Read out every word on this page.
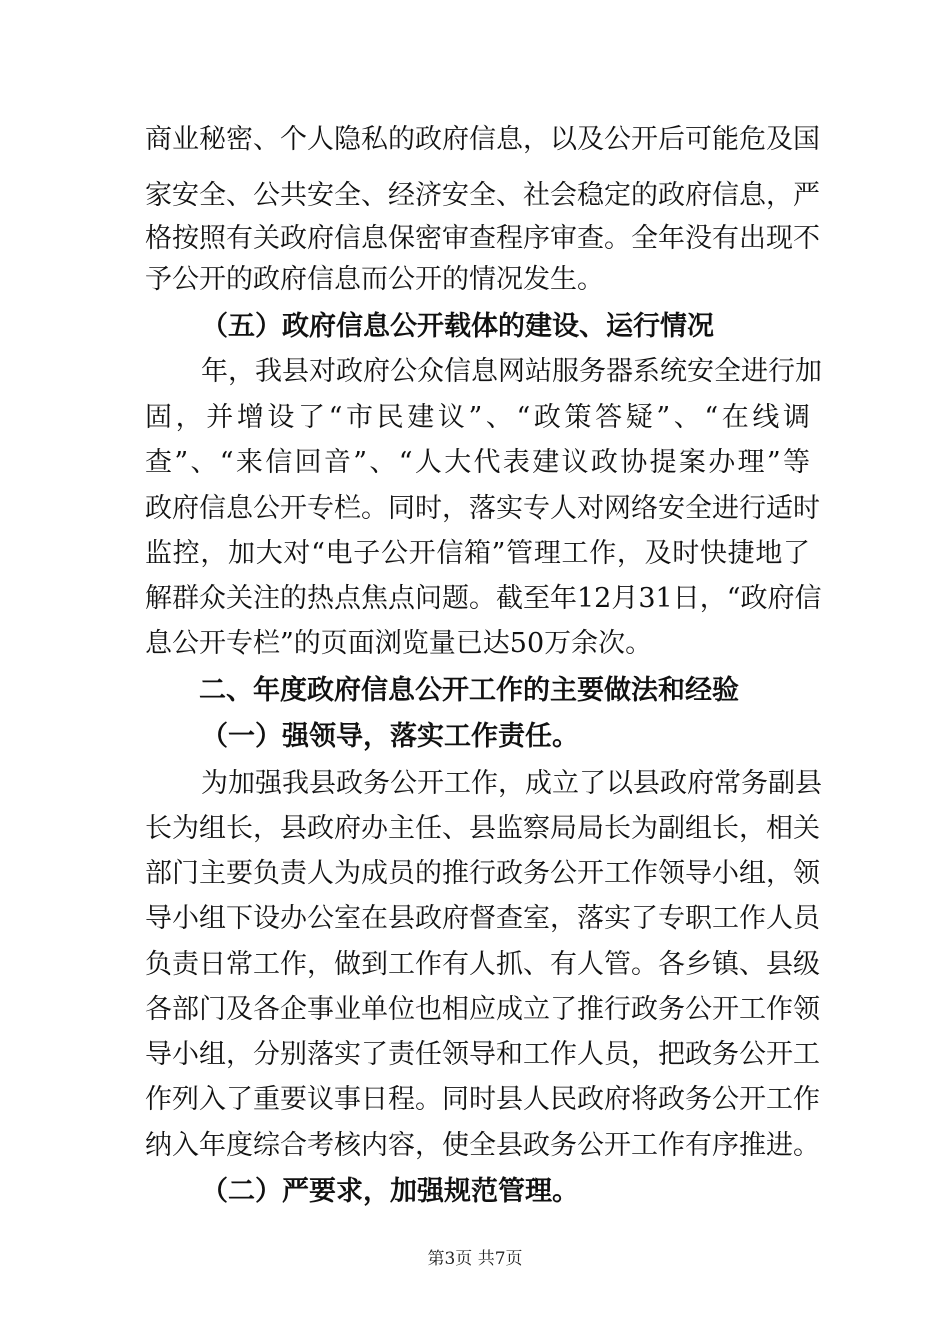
商业秘密、个人隐私的政府信息，以及公开后可能危及国
家安全、公共安全、经济安全、社会稳定的政府信息，严
格按照有关政府信息保密审查程序审查。全年没有出现不
予公开的政府信息而公开的情况发生。
（五）政府信息公开载体的建设、运行情况
年，我县对政府公众信息网站服务器系统安全进行加
固，并增设了“市民建议”、“政策答疑”、“在线调
查”、“来信回音”、“人大代表建议政协提案办理”等
政府信息公开专栏。同时，落实专人对网络安全进行适时
监控，加大对“电子公开信箱”管理工作，及时快捷地了
解群众关注的热点焦点问题。截至年12月31日，“政府信
息公开专栏”的页面浏览量已达50万余次。
二、年度政府信息公开工作的主要做法和经验
（一）强领导，落实工作责任。
为加强我县政务公开工作，成立了以县政府常务副县
长为组长，县政府办主任、县监察局局长为副组长，相关
部门主要负责人为成员的推行政务公开工作领导小组，领
导小组下设办公室在县政府督查室，落实了专职工作人员
负责日常工作，做到工作有人抓、有人管。各乡镇、县级
各部门及各企事业单位也相应成立了推行政务公开工作领
导小组，分别落实了责任领导和工作人员，把政务公开工
作列入了重要议事日程。同时县人民政府将政务公开工作
纳入年度综合考核内容，使全县政务公开工作有序推进。
（二）严要求，加强规范管理。
第3页 共7页
